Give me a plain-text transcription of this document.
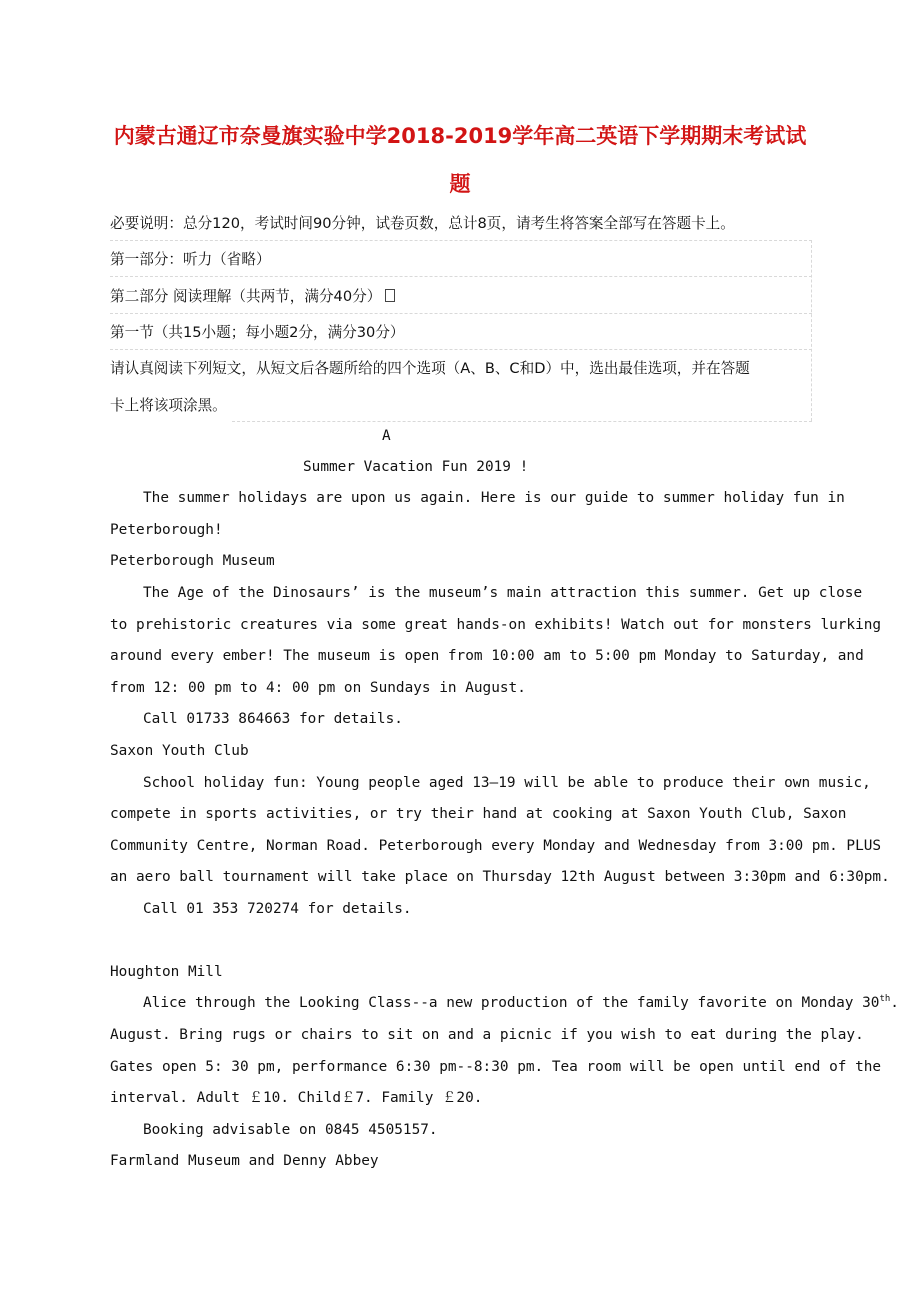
内蒙古通辽市奈曼旗实验中学2018-2019学年高二英语下学期期末考试试
题
必要说明：总分120，考试时间90分钟，试卷页数，总计8页，请考生将答案全部写在答题卡上。
第一部分：听力（省略）
第二部分 阅读理解（共两节，满分40分）
第一节（共15小题；每小题2分，满分30分）
请认真阅读下列短文，从短文后各题所给的四个选项（A、B、C和D）中，选出最佳选项，并在答题
卡上将该项涂黑。
A
Summer Vacation Fun 2019 !
The summer holidays are upon us again. Here is our guide to summer holiday fun in
Peterborough!
Peterborough Museum
The Age of the Dinosaurs’ is the museum’s main attraction this summer. Get up close
to prehistoric creatures via some great hands-on exhibits! Watch out for monsters lurking
around every ember! The museum is open from 10:00 am to 5:00 pm Monday to Saturday, and
from 12: 00 pm to 4: 00 pm on Sundays in August.
Call 01733 864663 for details.
Saxon Youth Club
School holiday fun: Young people aged 13—19 will be able to produce their own music,
compete in sports activities, or try their hand at cooking at Saxon Youth Club, Saxon
Community Centre, Norman Road. Peterborough every Monday and Wednesday from 3:00 pm. PLUS
an aero ball tournament will take place on Thursday 12th August between 3:30pm and 6:30pm.
Call 01 353 720274 for details.
Houghton Mill
Alice through the Looking Class--a new production of the family favorite on Monday 30th.
August. Bring rugs or chairs to sit on and a picnic if you wish to eat during the play.
Gates open 5: 30 pm, performance 6:30 pm--8:30 pm. Tea room will be open until end of the
interval. Adult ￡10. Child￡7. Family ￡20.
Booking advisable on 0845 4505157.
Farmland Museum and Denny Abbey
